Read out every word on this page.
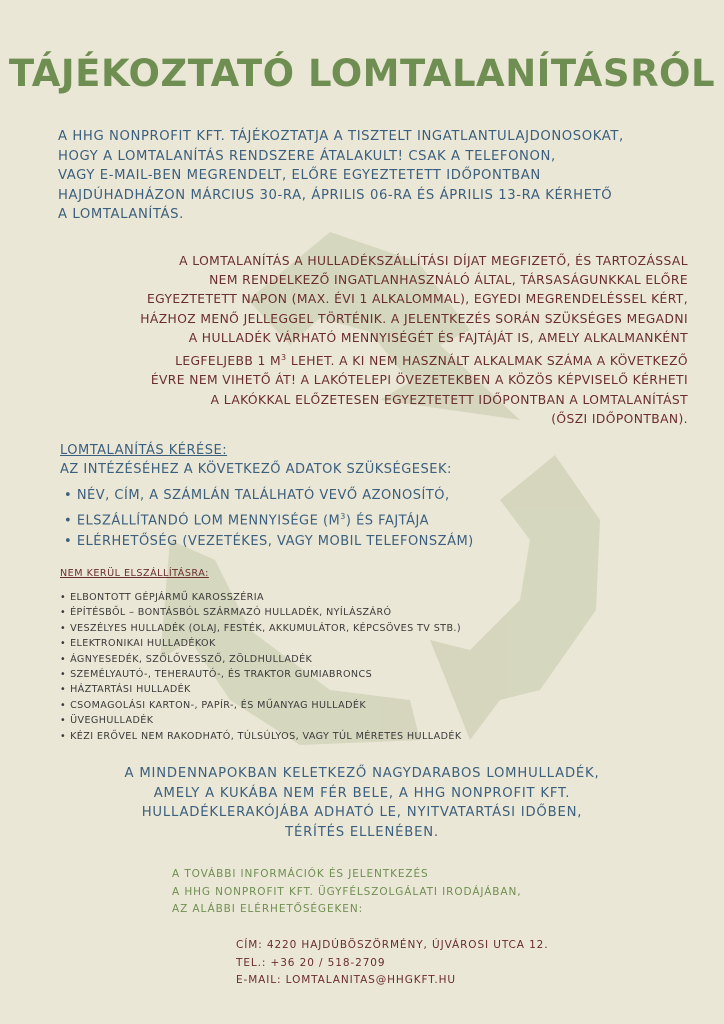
TÁJÉKOZTATÓ LOMTALANÍTÁSRÓL
A HHG NONPROFIT KFT. TÁJÉKOZTATJA A TISZTELT INGATLANTULAJDONOSOKAT,
HOGY A LOMTALANÍTÁS RENDSZERE ÁTALAKULT! CSAK A TELEFONON,
VAGY E-MAIL-BEN MEGRENDELT, ELŐRE EGYEZTETETT IDŐPONTBAN
HAJDÚHADHÁZON MÁRCIUS 30-RA, ÁPRILIS 06-RA ÉS ÁPRILIS 13-RA KÉRHETŐ
A LOMTALANÍTÁS.
A LOMTALANÍTÁS A HULLADÉKSZÁLLÍTÁSI DÍJAT MEGFIZETŐ, ÉS TARTOZÁSSAL
NEM RENDELKEZŐ INGATLANHASZNÁLÓ ÁLTAL, TÁRSASÁGUNKKAL ELŐRE
EGYEZTETETT NAPON (MAX. ÉVI 1 ALKALOMMAL), EGYEDI MEGRENDELÉSSEL KÉRT,
HÁZHOZ MENŐ JELLEGGEL TÖRTÉNIK. A JELENTKEZÉS SORÁN SZÜKSÉGES MEGADNI
A HULLADÉK VÁRHATÓ MENNYISÉGÉT ÉS FAJTÁJÁT IS, AMELY ALKALMANKÉNT
LEGFELJEBB 1 $M^3$ LEHET. A KI NEM HASZNÁLT ALKALMAK SZÁMA A KÖVETKEZŐ
ÉVRE NEM VIHETŐ ÁT! A LAKÓTELEPI ÖVEZETEKBEN A KÖZÖS KÉPVISELŐ KÉRHETI
A LAKÓKKAL ELŐZETESEN EGYEZTETETT IDŐPONTBAN A LOMTALANÍTÁST
(ŐSZI IDŐPONTBAN).
LOMTALANÍTÁS KÉRÉSE:
AZ INTÉZÉSÉHEZ A KÖVETKEZŐ ADATOK SZÜKSÉGESEK:
• NÉV, CÍM, A SZÁMLÁN TALÁLHATÓ VEVŐ AZONOSÍTÓ,
• ELSZÁLLÍTANDÓ LOM MENNYISÉGE $(M^3)$ ÉS FAJTÁJA
• ELÉRHETŐSÉG (VEZETÉKES, VAGY MOBIL TELEFONSZÁM)
NEM KERÜL ELSZÁLLÍTÁSRA:
• ELBONTOTT GÉPJÁRMŰ KAROSSZÉRIA
• ÉPÍTÉSBŐL – BONTÁSBÓL SZÁRMAZÓ HULLADÉK, NYÍLÁSZÁRÓ
• VESZÉLYES HULLADÉK (OLAJ, FESTÉK, AKKUMULÁTOR, KÉPCSÖVES TV STB.)
• ELEKTRONIKAI HULLADÉKOK
• ÁGNYESEDÉK, SZŐLŐVESSZŐ, ZÖLDHULLADÉK
• SZEMÉLYAUTÓ-, TEHERAUTÓ-, ÉS TRAKTOR GUMIABRONCS
• HÁZTARTÁSI HULLADÉK
• CSOMAGOLÁSI KARTON-, PAPÍR-, ÉS MŰANYAG HULLADÉK
• ÜVEGHULLADÉK
• KÉZI ERŐVEL NEM RAKODHATÓ, TÚLSÚLYOS, VAGY TÚL MÉRETES HULLADÉK
A MINDENNAPOKBAN KELETKEZŐ NAGYDARABOS LOMHULLADÉK,
AMELY A KUKÁBA NEM FÉR BELE, A HHG NONPROFIT KFT.
HULLADÉKLERAKÓJÁBA ADHATÓ LE, NYITVATARTÁSI IDŐBEN,
TÉRÍTÉS ELLENÉBEN.
A TOVÁBBI INFORMÁCIÓK ÉS JELENTKEZÉS
A HHG NONPROFIT KFT. ÜGYFÉLSZOLGÁLATI IRODÁJÁBAN,
AZ ALÁBBI ELÉRHETŐSÉGEKEN:
CÍM: 4220 HAJDÚBÖSZÖRMÉNY, ÚJVÁROSI UTCA 12.
TEL.: +36 20 / 518-2709
E-MAIL: LOMTALANITAS@HHGKFT.HU
